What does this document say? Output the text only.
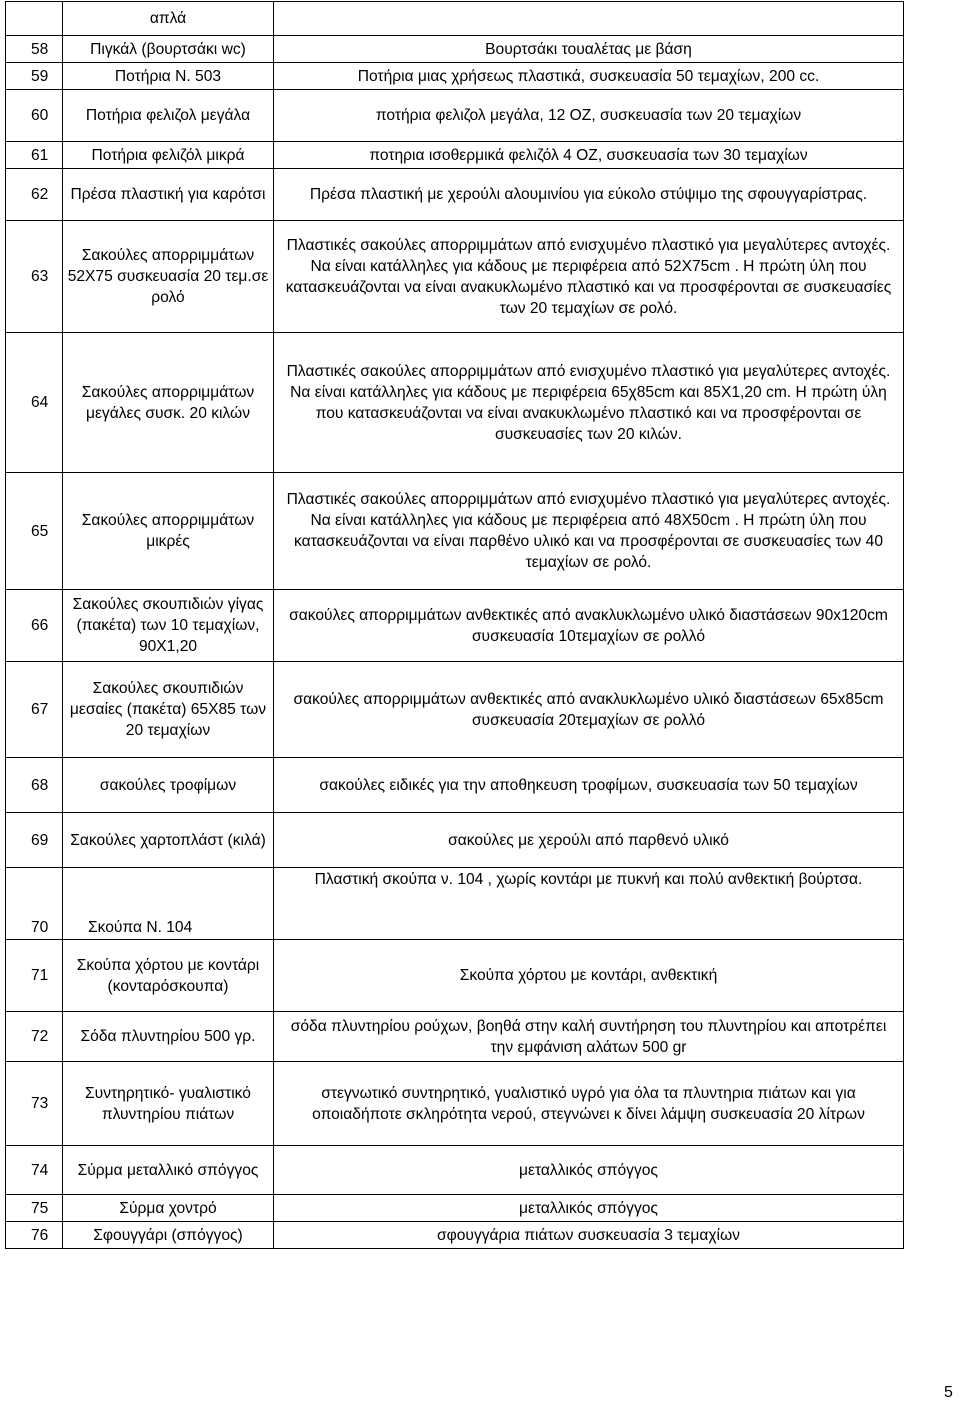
	απλά	
58	Πιγκάλ (βουρτσάκι wc)	Βουρτσάκι τουαλέτας με βάση
59	Ποτήρια Ν. 503	Ποτήρια μιας χρήσεως πλαστικά, συσκευασία 50 τεμαχίων, 200 cc.
60	Ποτήρια φελιζολ μεγάλα	ποτήρια φελιζολ μεγάλα, 12 OZ, συσκευασία των 20 τεμαχίων
61	Ποτήρια φελιζόλ μικρά	ποτηρια ισοθερμικά φελιζόλ 4 OZ, συσκευασία των 30 τεμαχίων
62	Πρέσα πλαστική για καρότσι	Πρέσα πλαστική με χερούλι αλουμινίου για εύκολο στύψιμο της σφουγγαρίστρας.
63	Σακούλες απορριμμάτων 52Χ75 συσκευασία 20 τεμ.σε ρολό	Πλαστικές σακούλες απορριμμάτων από ενισχυμένο πλαστικό για μεγαλύτερες αντοχές. Να είναι κατάλληλες για κάδους με περιφέρεια από 52Χ75cm . Η πρώτη ύλη που κατασκευάζονται να είναι ανακυκλωμένο πλαστικό και να προσφέρονται σε συσκευασίες των 20 τεμαχίων σε ρολό.
64	Σακούλες απορριμμάτων μεγάλες συσκ. 20 κιλών	Πλαστικές σακούλες απορριμμάτων από ενισχυμένο πλαστικό για μεγαλύτερες αντοχές. Να είναι κατάλληλες για κάδους με περιφέρεια 65χ85cm και 85Χ1,20 cm. Η πρώτη ύλη που κατασκευάζονται να είναι ανακυκλωμένο πλαστικό και να προσφέρονται σε συσκευασίες των 20 κιλών.
65	Σακούλες απορριμμάτων μικρές	Πλαστικές σακούλες απορριμμάτων από ενισχυμένο πλαστικό για μεγαλύτερες αντοχές. Να είναι κατάλληλες για κάδους με περιφέρεια από 48Χ50cm . Η πρώτη ύλη που κατασκευάζονται να είναι παρθένο υλικό και να προσφέρονται σε συσκευασίες των 40 τεμαχίων σε ρολό.
66	Σακούλες σκουπιδιών γίγας (πακέτα) των 10 τεμαχίων, 90Χ1,20	σακούλες απορριμμάτων ανθεκτικές από ανακλυκλωμένο υλικό διαστάσεων 90x120cm συσκευασία 10τεμαχίων σε ρολλό
67	Σακούλες σκουπιδιών μεσαίες (πακέτα) 65Χ85 των 20 τεμαχίων	σακούλες απορριμμάτων ανθεκτικές από ανακλυκλωμένο υλικό διαστάσεων 65x85cm συσκευασία 20τεμαχίων σε ρολλό
68	σακούλες τροφίμων	σακούλες ειδικές για την αποθηκευση τροφίμων, συσκευασία των 50 τεμαχίων
69	Σακούλες χαρτοπλάστ (κιλά)	σακούλες με χερούλι από παρθενό υλικό
70	Σκούπα Ν. 104	Πλαστική σκούπα ν. 104 , χωρίς κοντάρι με πυκνή και πολύ ανθεκτική βούρτσα.
71	Σκούπα χόρτου με κοντάρι (κονταρόσκουπα)	Σκούπα χόρτου με κοντάρι, ανθεκτική
72	Σόδα πλυντηρίου 500 γρ.	σόδα πλυντηρίου ρούχων, βοηθά στην καλή συντήρηση του πλυντηρίου και αποτρέπει την εμφάνιση αλάτων 500 gr
73	Συντηρητικό- γυαλιστικό πλυντηρίου πιάτων	στεγνωτικό συντηρητικό, γυαλιστικό υγρό για όλα τα πλυντηρια πιάτων και για οποιαδήποτε σκληρότητα νερού, στεγνώνει κ δίνει λάμψη συσκευασία 20 λίτρων
74	Σύρμα μεταλλικό σπόγγος	μεταλλικός σπόγγος
75	Σύρμα χοντρό	μεταλλικός σπόγγος
76	Σφουγγάρι (σπόγγος)	σφουγγάρια πιάτων συσκευασία 3 τεμαχίων
5
